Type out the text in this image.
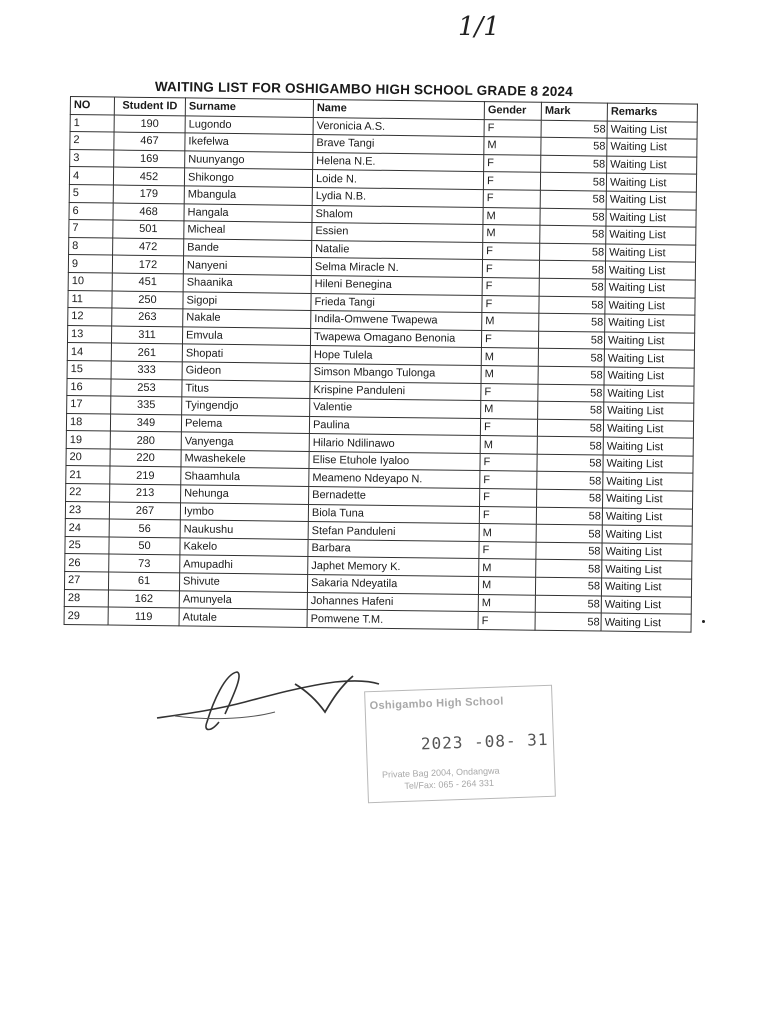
1/1
WAITING LIST FOR OSHIGAMBO HIGH SCHOOL GRADE 8 2024
NO	Student ID	Surname	Name	Gender	Mark	Remarks
1	190	Lugondo	Veronicia A.S.	F	58	Waiting List
2	467	Ikefelwa	Brave Tangi	M	58	Waiting List
3	169	Nuunyango	Helena N.E.	F	58	Waiting List
4	452	Shikongo	Loide N.	F	58	Waiting List
5	179	Mbangula	Lydia N.B.	F	58	Waiting List
6	468	Hangala	Shalom	M	58	Waiting List
7	501	Micheal	Essien	M	58	Waiting List
8	472	Bande	Natalie	F	58	Waiting List
9	172	Nanyeni	Selma Miracle N.	F	58	Waiting List
10	451	Shaanika	Hileni Benegina	F	58	Waiting List
11	250	Sigopi	Frieda Tangi	F	58	Waiting List
12	263	Nakale	Indila-Omwene Twapewa	M	58	Waiting List
13	311	Emvula	Twapewa Omagano Benonia	F	58	Waiting List
14	261	Shopati	Hope Tulela	M	58	Waiting List
15	333	Gideon	Simson Mbango Tulonga	M	58	Waiting List
16	253	Titus	Krispine Panduleni	F	58	Waiting List
17	335	Tyingendjo	Valentie	M	58	Waiting List
18	349	Pelema	Paulina	F	58	Waiting List
19	280	Vanyenga	Hilario Ndilinawo	M	58	Waiting List
20	220	Mwashekele	Elise Etuhole Iyaloo	F	58	Waiting List
21	219	Shaamhula	Meameno Ndeyapo N.	F	58	Waiting List
22	213	Nehunga	Bernadette	F	58	Waiting List
23	267	Iymbo	Biola Tuna	F	58	Waiting List
24	56	Naukushu	Stefan Panduleni	M	58	Waiting List
25	50	Kakelo	Barbara	F	58	Waiting List
26	73	Amupadhi	Japhet Memory K.	M	58	Waiting List
27	61	Shivute	Sakaria Ndeyatila	M	58	Waiting List
28	162	Amunyela	Johannes Hafeni	M	58	Waiting List
29	119	Atutale	Pomwene T.M.	F	58	Waiting List
Oshigambo High School
2023 -08- 31
Private Bag 2004, Ondangwa
Tel/Fax: 065 - 264 331
